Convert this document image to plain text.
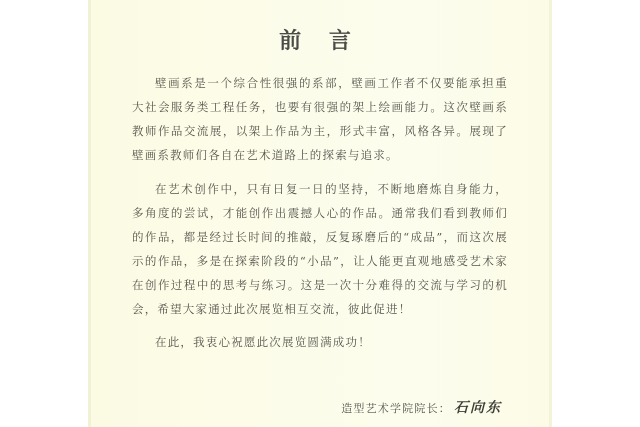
前 言

壁画系是一个综合性很强的系部，壁画工作者不仅要能承担重大社会服务类工程任务，也要有很强的架上绘画能力。这次壁画系教师作品交流展，以架上作品为主，形式丰富，风格各异。展现了壁画系教师们各自在艺术道路上的探索与追求。

在艺术创作中，只有日复一日的坚持，不断地磨炼自身能力，多角度的尝试，才能创作出震撼人心的作品。通常我们看到教师们的作品，都是经过长时间的推敲，反复琢磨后的“成品”，而这次展示的作品，多是在探索阶段的“小品”，让人能更直观地感受艺术家在创作过程中的思考与练习。这是一次十分难得的交流与学习的机会，希望大家通过此次展览相互交流，彼此促进！

在此，我衷心祝愿此次展览圆满成功！

造型艺术学院院长： 石向东
